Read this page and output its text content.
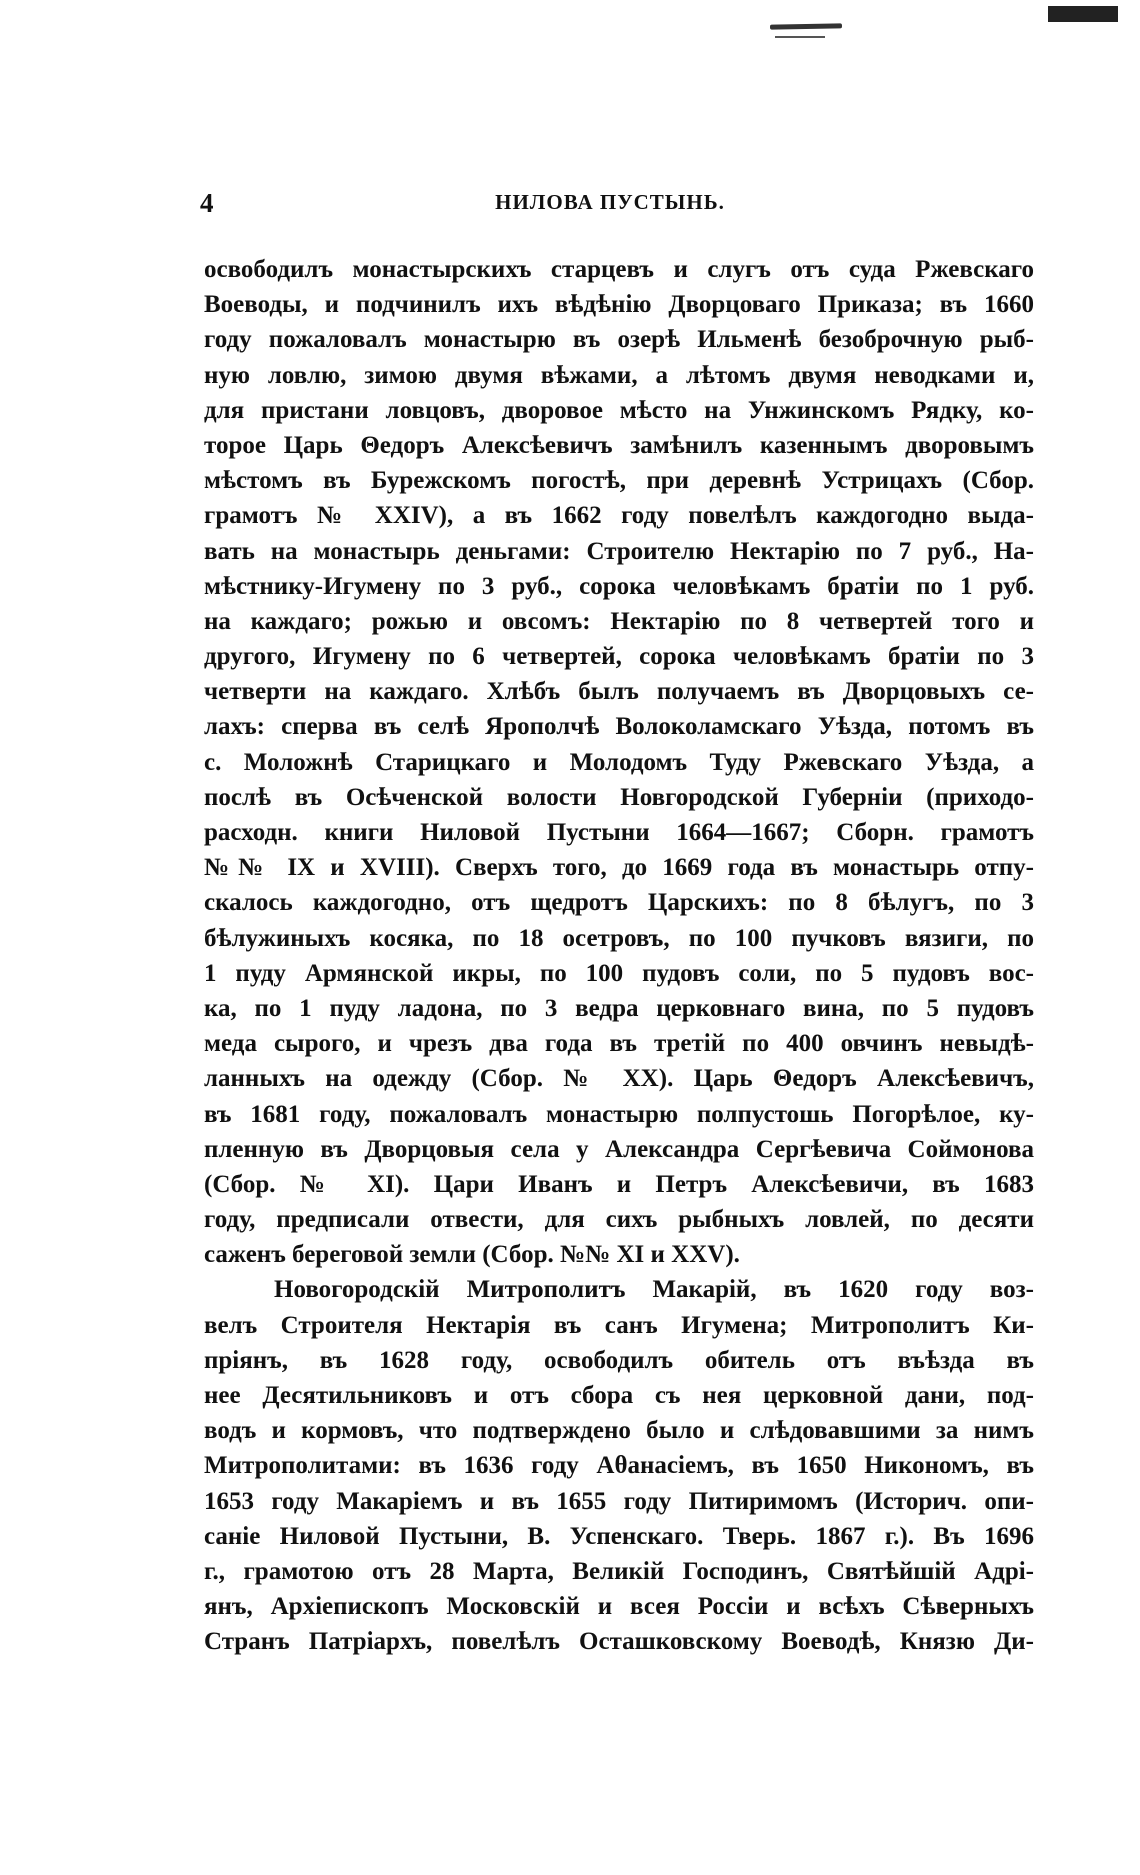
4	НИЛОВА ПУСТЫНЬ.
освободилъ монастырскихъ старцевъ и слугъ отъ суда Ржевскаго
Воеводы, и подчинилъ ихъ вѣдѣнію Дворцоваго Приказа; въ 1660
году пожаловалъ монастырю въ озерѣ Ильменѣ безоброчную рыб-
ную ловлю, зимою двумя вѣжами, а лѣтомъ двумя неводками и,
для пристани ловцовъ, дворовое мѣсто на Унжинскомъ Рядку, ко-
торое Царь Θедоръ Алексѣевичъ замѣнилъ казеннымъ дворовымъ
мѣстомъ въ Бурежскомъ погостѣ, при деревнѣ Устрицахъ (Сбор.
грамотъ № XXIV), а въ 1662 году повелѣлъ каждогодно выда-
вать на монастырь деньгами: Строителю Нектарію по 7 руб., На-
мѣстнику-Игумену по 3 руб., сорока человѣкамъ братіи по 1 руб.
на каждаго; рожью и овсомъ: Нектарію по 8 четвертей того и
другого, Игумену по 6 четвертей, сорока человѣкамъ братіи по 3
четверти на каждаго. Хлѣбъ былъ получаемъ въ Дворцовыхъ се-
лахъ: сперва въ селѣ Ярополчѣ Волоколамскаго Уѣзда, потомъ въ
с. Моложнѣ Старицкаго и Молодомъ Туду Ржевскаго Уѣзда, а
послѣ въ Осѣченской волости Новгородской Губерніи (приходо-
расходн. книги Ниловой Пустыни 1664—1667; Сборн. грамотъ
№№ IX и XVIII). Сверхъ того, до 1669 года въ монастырь отпу-
скалось каждогодно, отъ щедротъ Царскихъ: по 8 бѣлугъ, по 3
бѣлужиныхъ косяка, по 18 осетровъ, по 100 пучковъ вязиги, по
1 пуду Армянской икры, по 100 пудовъ соли, по 5 пудовъ вос-
ка, по 1 пуду ладона, по 3 ведра церковнаго вина, по 5 пудовъ
меда сырого, и чрезъ два года въ третій по 400 овчинъ невыдѣ-
ланныхъ на одежду (Сбор. № XX). Царь Θедоръ Алексѣевичъ,
въ 1681 году, пожаловалъ монастырю полпустошь Погорѣлое, ку-
пленную въ Дворцовыя села у Александра Сергѣевича Соймонова
(Сбор. № XI). Цари Иванъ и Петръ Алексѣевичи, въ 1683
году, предписали отвести, для сихъ рыбныхъ ловлей, по десяти
саженъ береговой земли (Сбор. №№ XI и XXV).
Новогородскій Митрополитъ Макарій, въ 1620 году воз-
велъ Строителя Нектарія въ санъ Игумена; Митрополитъ Ки-
пріянъ, въ 1628 году, освободилъ обитель отъ въѣзда въ
нее Десятильниковъ и отъ сбора съ нея церковной дани, под-
водъ и кормовъ, что подтверждено было и слѣдовавшими за нимъ
Митрополитами: въ 1636 году Аθанасіемъ, въ 1650 Никономъ, въ
1653 году Макаріемъ и въ 1655 году Питиримомъ (Историч. опи-
саніе Ниловой Пустыни, В. Успенскаго. Тверь. 1867 г.). Въ 1696
г., грамотою отъ 28 Марта, Великій Господинъ, Святѣйшій Адрі-
янъ, Архіепископъ Московскій и всея Россіи и всѣхъ Сѣверныхъ
Странъ Патріархъ, повелѣлъ Осташковскому Воеводѣ, Князю Ди-
